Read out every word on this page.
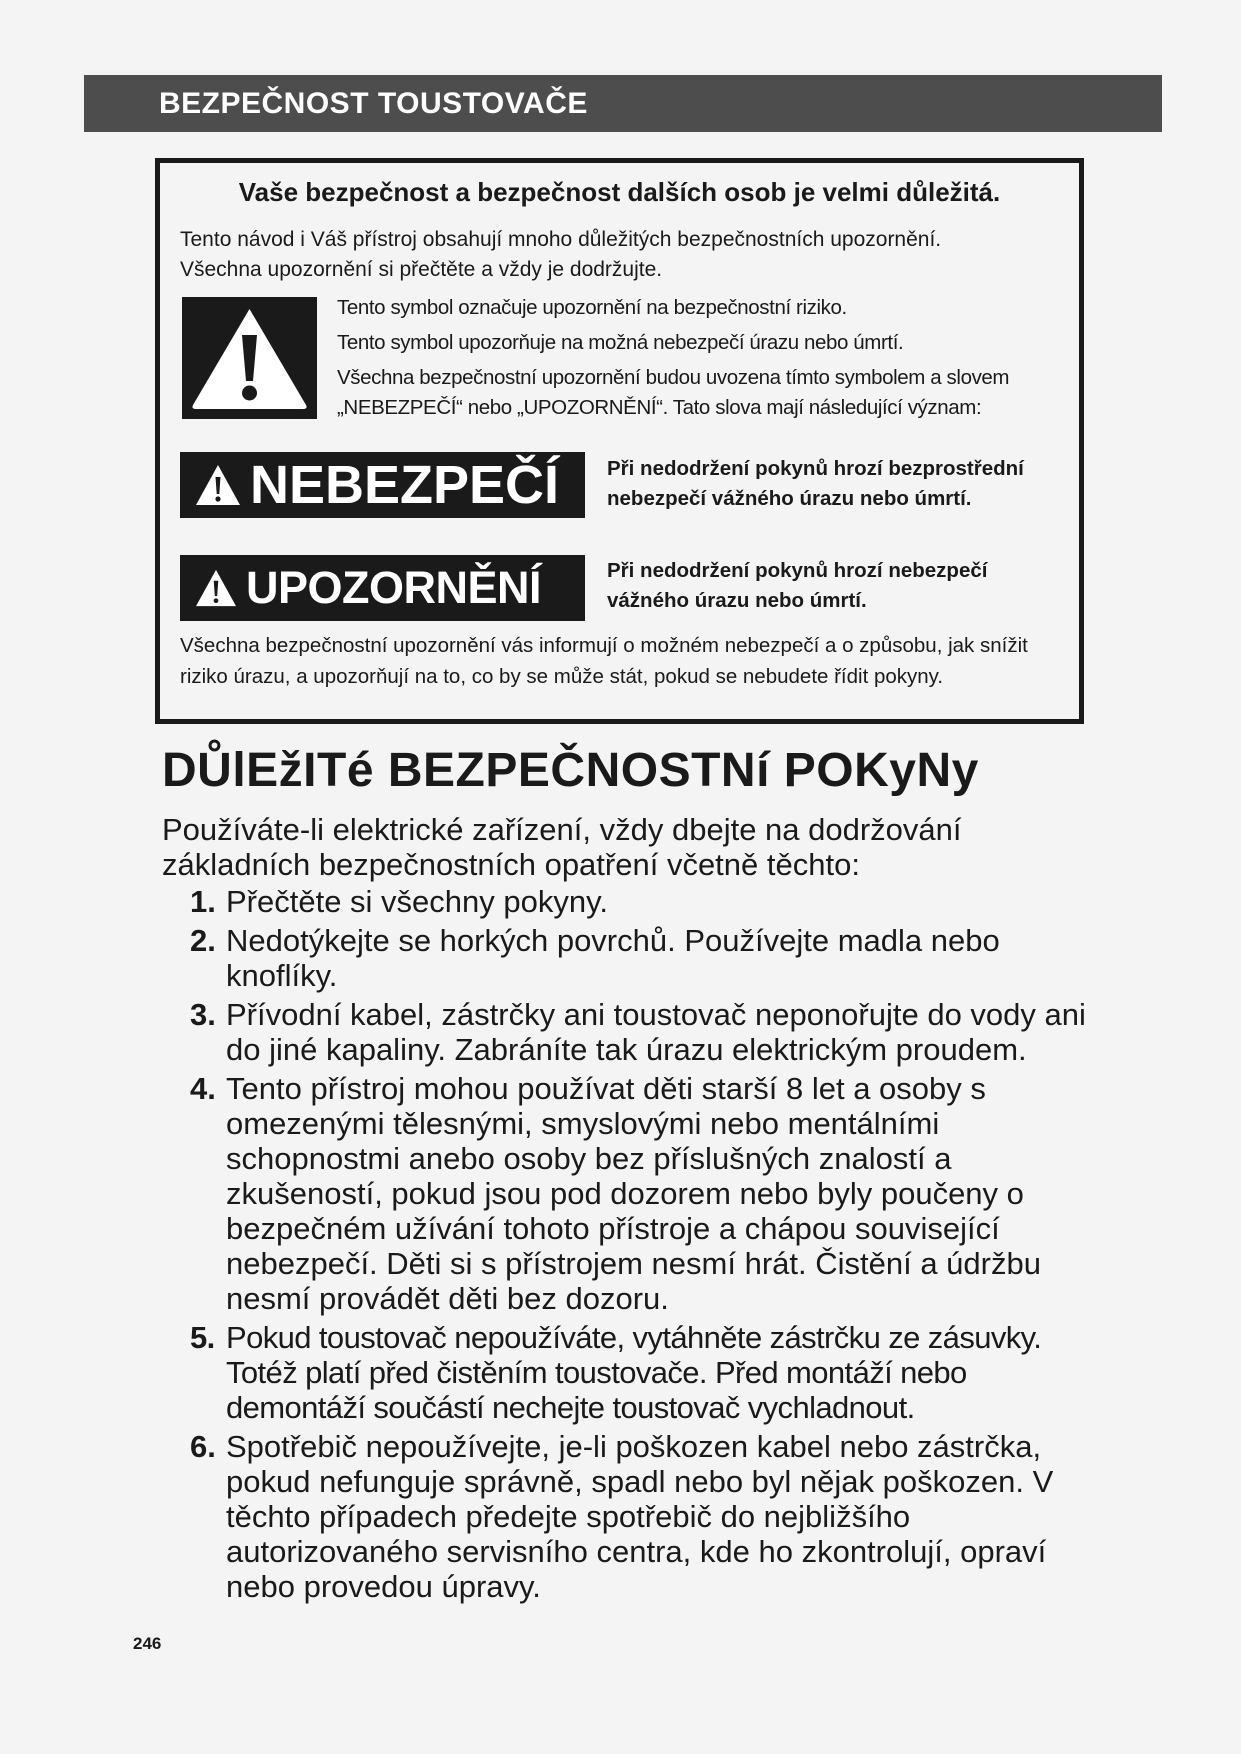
BEZPEČNOST TOUSTOVAČE
Vaše bezpečnost a bezpečnost dalších osob je velmi důležitá.
Tento návod i Váš přístroj obsahují mnoho důležitých bezpečnostních upozornění.
Všechna upozornění si přečtěte a vždy je dodržujte.

Tento symbol označuje upozornění na bezpečnostní riziko.

Tento symbol upozorňuje na možná nebezpečí úrazu nebo úmrtí.

Všechna bezpečnostní upozornění budou uvozena tímto symbolem a slovem „NEBEZPEČÍ“ nebo „UPOZORNĚNÍ“. Tato slova mají následující význam:

NEBEZPEČÍ Při nedodržení pokynů hrozí bezprostřední nebezpečí vážného úrazu nebo úmrtí.
UPOZORNĚNÍ	Při nedodržení pokynů hrozí nebezpečí vážného úrazu nebo úmrtí.
Všechna bezpečnostní upozornění vás informují o možném nebezpečí a o způsobu, jak snížit riziko úrazu, a upozorňují na to, co by se může stát, pokud se nebudete řídit pokyny.
DŮlEžITé BEZPEČNOSTNí POKyNy
Používáte-li elektrické zařízení, vždy dbejte na dodržování základních bezpečnostních opatření včetně těchto:
1. Přečtěte si všechny pokyny.
2. Nedotýkejte se horkých povrchů. Používejte madla nebo knoflíky.
3. Přívodní kabel, zástrčky ani toustovač neponořujte do vody ani do jiné kapaliny. Zabráníte tak úrazu elektrickým proudem.
4. Tento přístroj mohou používat děti starší 8 let a osoby s omezenými tělesnými, smyslovými nebo mentálními schopnostmi anebo osoby bez příslušných znalostí a zkušeností, pokud jsou pod dozorem nebo byly poučeny o bezpečném užívání tohoto přístroje a chápou související nebezpečí. Děti si s přístrojem nesmí hrát. Čistění a údržbu nesmí provádět děti bez dozoru.
5. Pokud toustovač nepoužíváte, vytáhněte zástrčku ze zásuvky. Totéž platí před čistěním toustovače. Před montáží nebo demontáží součástí nechejte toustovač vychladnout.
6. Spotřebič nepoužívejte, je-li poškozen kabel nebo zástrčka, pokud nefunguje správně, spadl nebo byl nějak poškozen. V těchto případech předejte spotřebič do nejbližšího autorizovaného servisního centra, kde ho zkontrolují, opraví nebo provedou úpravy.
246
